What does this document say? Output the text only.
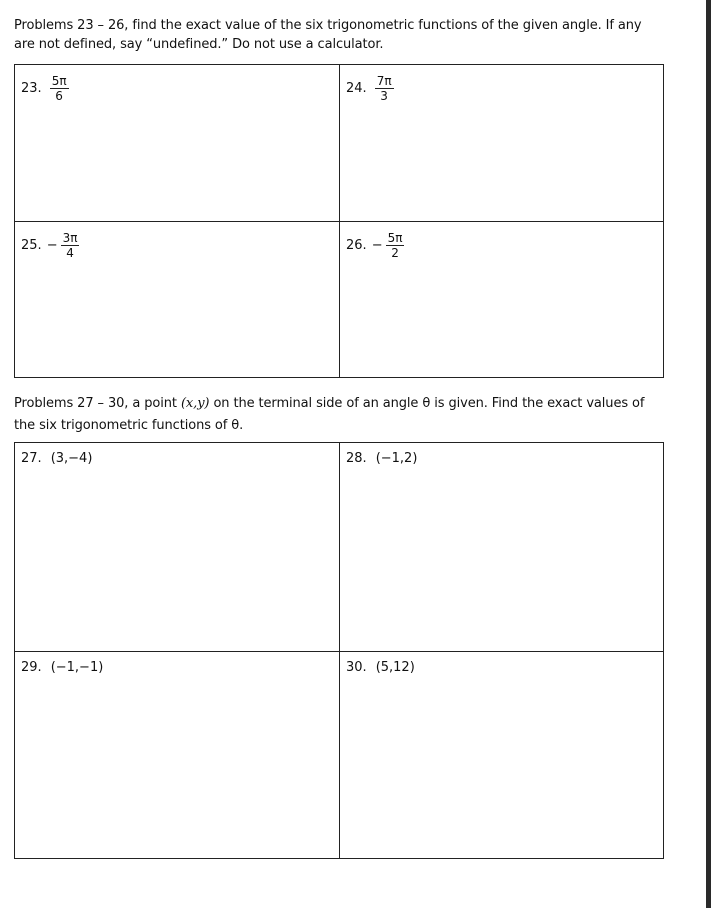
Problems 23 – 26, find the exact value of the six trigonometric functions of the given angle. If any are not defined, say “undefined.” Do not use a calculator.
23. $\frac{5\pi}{6}$	24. $\frac{7\pi}{3}$
25. − $\frac{3\pi}{4}$	26. − $\frac{5\pi}{2}$
Problems 27 – 30, a point (x,y) on the terminal side of an angle θ is given. Find the exact values of the six trigonometric functions of θ.
27. (3,−4)	28. (−1,2)
29. (−1,−1)	30. (5,12)
